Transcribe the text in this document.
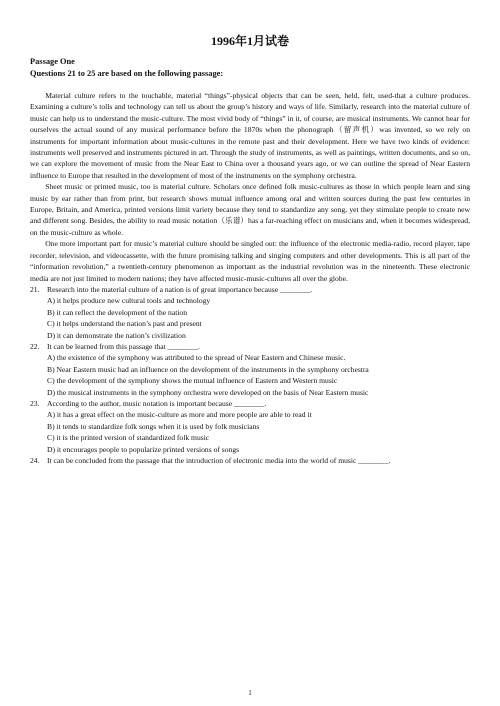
1996年1月试卷
Passage One
Questions 21 to 25 are based on the following passage:

Material culture refers to the touchable, material “things”-physical objects that can be seen, held, felt, used-that a culture produces. Examining a culture’s tolls and technology can tell us about the group’s history and ways of life. Similarly, research into the material culture of music can help us to understand the music-culture. The most vivid body of “things” in it, of course, are musical instruments. We cannot hear for ourselves the actual sound of any musical performance before the 1870s when the phonograph（留声机）was invented, so we rely on instruments for important information about music-cultures in the remote past and their development. Here we have two kinds of evidence: instruments well preserved and instruments pictured in art. Through the study of instruments, as well as paintings, written documents, and so on, we can explore the movement of music from the Near East to China over a thousand years ago, or we can outline the spread of Near Eastern influence to Europe that resulted in the development of most of the instruments on the symphony orchestra.

Sheet music or printed music, too is material culture. Scholars once defined folk music-cultures as those in which people learn and sing music by ear rather than from print, but research shows mutual influence among oral and written sources during the past few centuries in Europe, Britain, and America, printed versions limit variety because they tend to standardize any song, yet they stimulate people to create new and different song. Besides, the ability to read music notation（乐谱）has a far-reaching effect on musicians and, when it becomes widespread, on the music-culture as whole.

One more important part for music’s material culture should be singled out: the influence of the electronic media-radio, record player, tape recorder, television, and videocassette, with the future promising talking and singing computers and other developments. This is all part of the “information revolution,” a twentieth-century phenomenon as important as the industrial revolution was in the nineteenth. These electronic media are not just limited to modern nations; they have affected music-music-cultures all over the globe.

21. Research into the material culture of a nation is of great importance because ________.
A) it helps produce new cultural tools and technology
B) it can reflect the development of the nation
C) it helps understand the nation’s past and present
D) it can demonstrate the nation’s civilization
22. It can be learned from this passage that ________.
A) the existence of the symphony was attributed to the spread of Near Eastern and Chinese music.
B) Near Eastern music had an influence on the development of the instruments in the symphony orchestra
C) the development of the symphony shows the mutual influence of Eastern and Western music
D) the musical instruments in the symphony orchestra were developed on the basis of Near Eastern music
23. According to the author, music notation is important because ________.
A) it has a great effect on the music-culture as more and more people are able to read it
B) it tends to standardize folk songs when it is used by folk musicians
C) it is the printed version of standardized folk music
D) it encourages people to popularize printed versions of songs
24. It can be concluded from the passage that the introduction of electronic media into the world of music ________.
1
